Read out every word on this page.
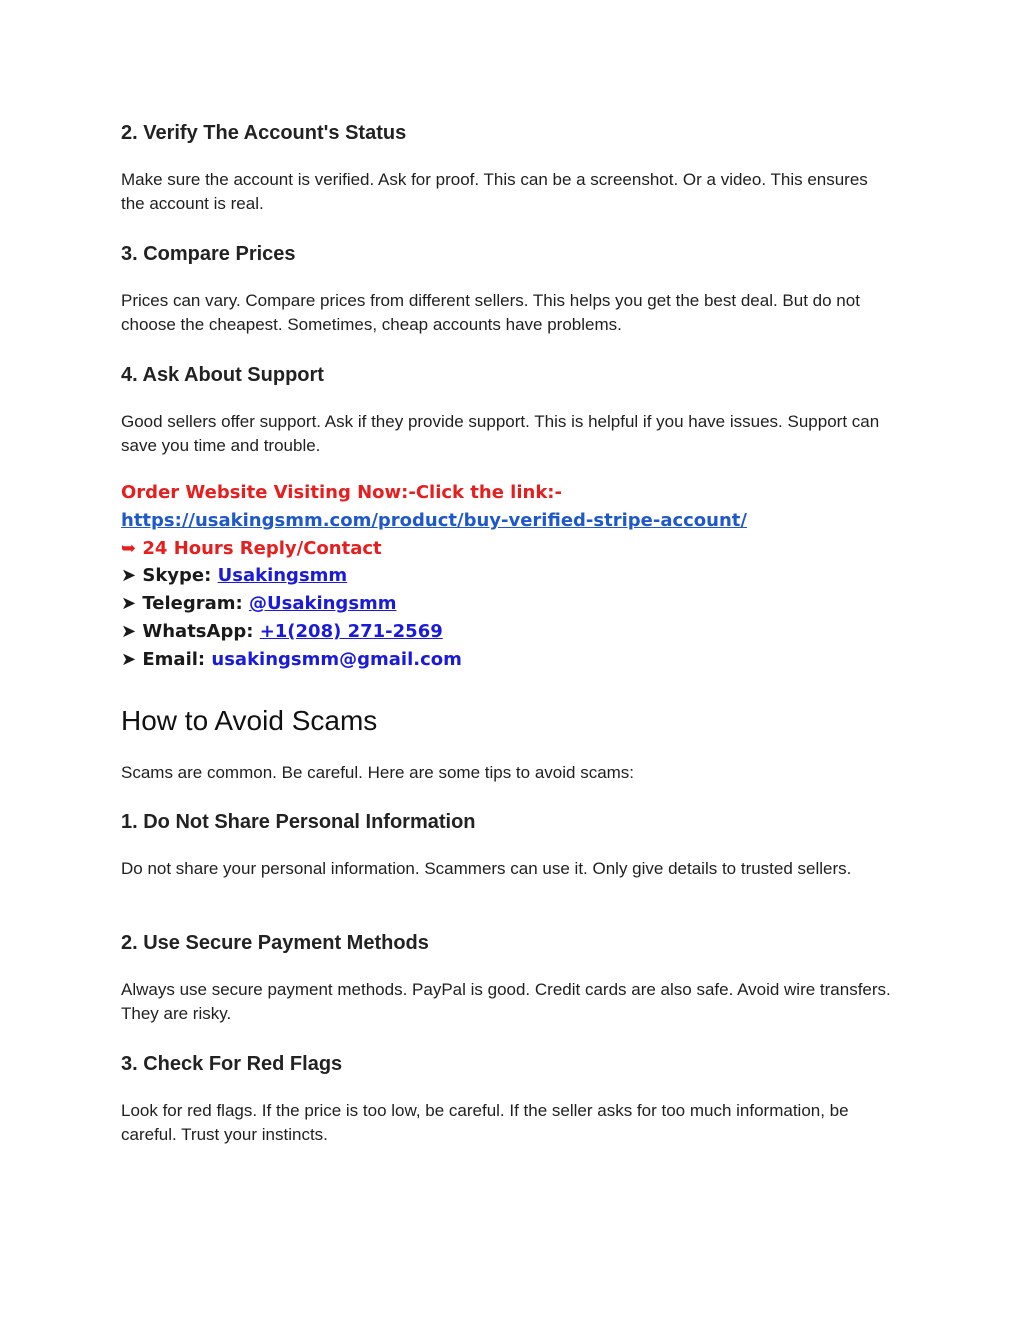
2. Verify The Account's Status
Make sure the account is verified. Ask for proof. This can be a screenshot. Or a video. This ensures the account is real.
3. Compare Prices
Prices can vary. Compare prices from different sellers. This helps you get the best deal. But do not choose the cheapest. Sometimes, cheap accounts have problems.
4. Ask About Support
Good sellers offer support. Ask if they provide support. This is helpful if you have issues. Support can save you time and trouble.
Order Website Visiting Now:-Click the link:-
https://usakingsmm.com/product/buy-verified-stripe-account/
➥ 24 Hours Reply/Contact
➤ Skype: Usakingsmm
➤ Telegram: @Usakingsmm
➤ WhatsApp: +1(208) 271-2569
➤ Email: usakingsmm@gmail.com
How to Avoid Scams
Scams are common. Be careful. Here are some tips to avoid scams:
1. Do Not Share Personal Information
Do not share your personal information. Scammers can use it. Only give details to trusted sellers.
2. Use Secure Payment Methods
Always use secure payment methods. PayPal is good. Credit cards are also safe. Avoid wire transfers. They are risky.
3. Check For Red Flags
Look for red flags. If the price is too low, be careful. If the seller asks for too much information, be careful. Trust your instincts.
